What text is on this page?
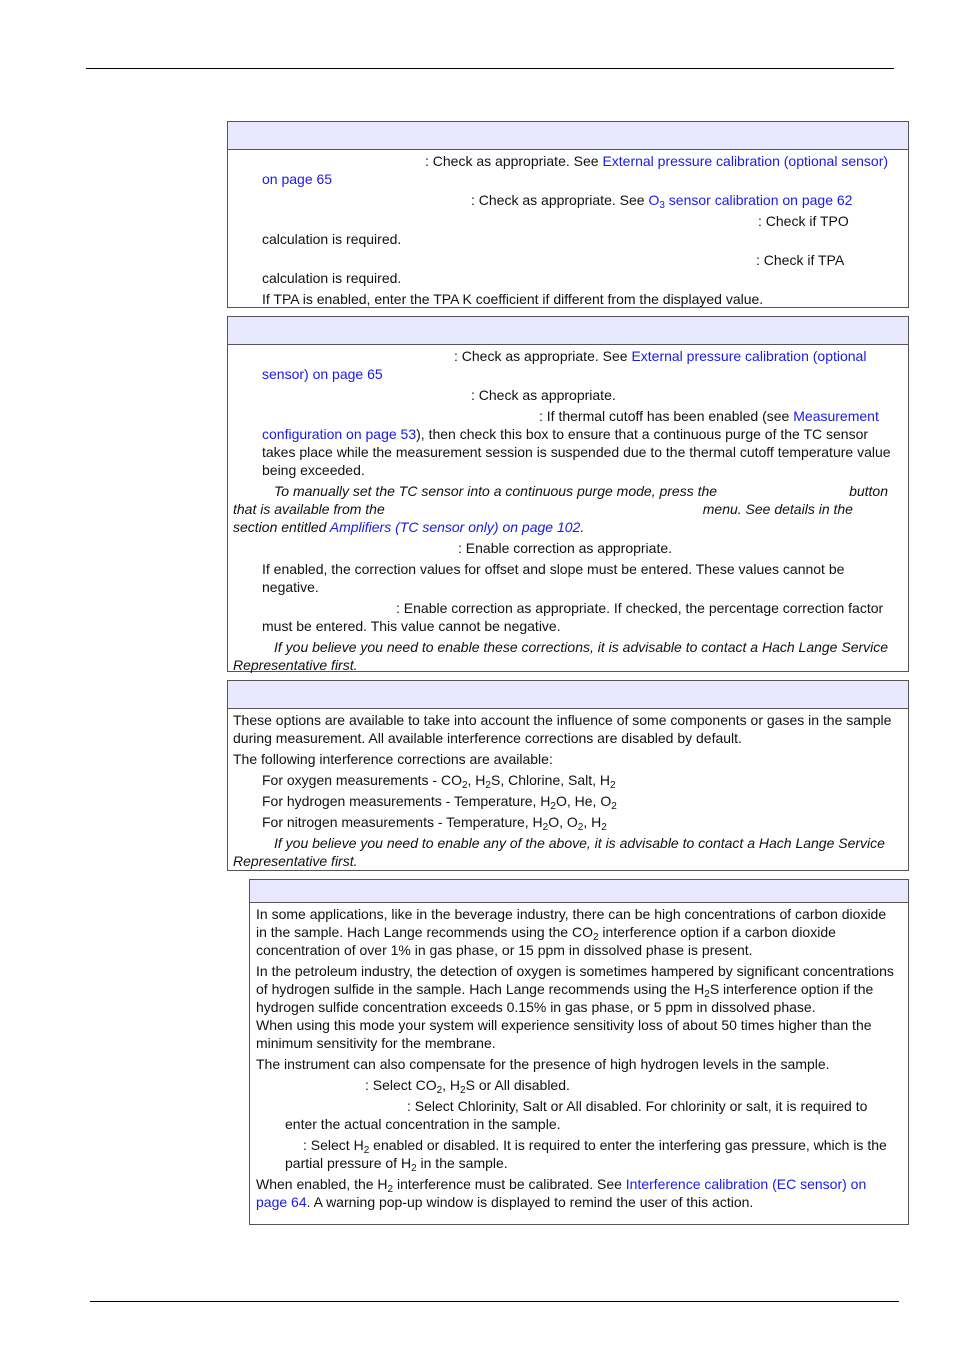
: Check as appropriate. See External pressure calibration (optional sensor) on page 65

: Check as appropriate. See $O_3$ sensor calibration on page 62

: Check if TPO calculation is required.

: Check if TPA calculation is required.

If TPA is enabled, enter the TPA K coefficient if different from the displayed value.

: Check as appropriate. See External pressure calibration (optional sensor) on page 65

: Check as appropriate.

: If thermal cutoff has been enabled (see Measurement configuration on page 53), then check this box to ensure that a continuous purge of the TC sensor takes place while the measurement session is suspended due to the thermal cutoff temperature value being exceeded.

To manually set the TC sensor into a continuous purge mode, press the	button that is available from the	menu. See details in the section entitled Amplifiers (TC sensor only) on page 102.

: Enable correction as appropriate.

If enabled, the correction values for offset and slope must be entered. These values cannot be negative.

: Enable correction as appropriate. If checked, the percentage correction factor must be entered. This value cannot be negative.

If you believe you need to enable these corrections, it is advisable to contact a Hach Lange Service Representative first.

These options are available to take into account the influence of some components or gases in the sample during measurement. All available interference corrections are disabled by default.

The following interference corrections are available:

For oxygen measurements - $CO_2$, $H_2S$, Chlorine, Salt, $H_2$

For hydrogen measurements - Temperature, $H_2O$, He, $O_2$

For nitrogen measurements - Temperature, $H_2O$, $O_2$, $H_2$

If you believe you need to enable any of the above, it is advisable to contact a Hach Lange Service Representative first.

In some applications, like in the beverage industry, there can be high concentrations of carbon dioxide in the sample. Hach Lange recommends using the $CO_2$ interference option if a carbon dioxide concentration of over 1% in gas phase, or 15 ppm in dissolved phase is present.

In the petroleum industry, the detection of oxygen is sometimes hampered by significant concentrations of hydrogen sulfide in the sample. Hach Lange recommends using the $H_2S$ interference option if the hydrogen sulfide concentration exceeds 0.15% in gas phase, or 5 ppm in dissolved phase. When using this mode your system will experience sensitivity loss of about 50 times higher than the minimum sensitivity for the membrane.

The instrument can also compensate for the presence of high hydrogen levels in the sample.

: Select $CO_2$, $H_2S$ or All disabled.

: Select Chlorinity, Salt or All disabled. For chlorinity or salt, it is required to enter the actual concentration in the sample.

: Select $H_2$ enabled or disabled. It is required to enter the interfering gas pressure, which is the partial pressure of $H_2$ in the sample.

When enabled, the $H_2$ interference must be calibrated. See Interference calibration (EC sensor) on page 64. A warning pop-up window is displayed to remind the user of this action.
